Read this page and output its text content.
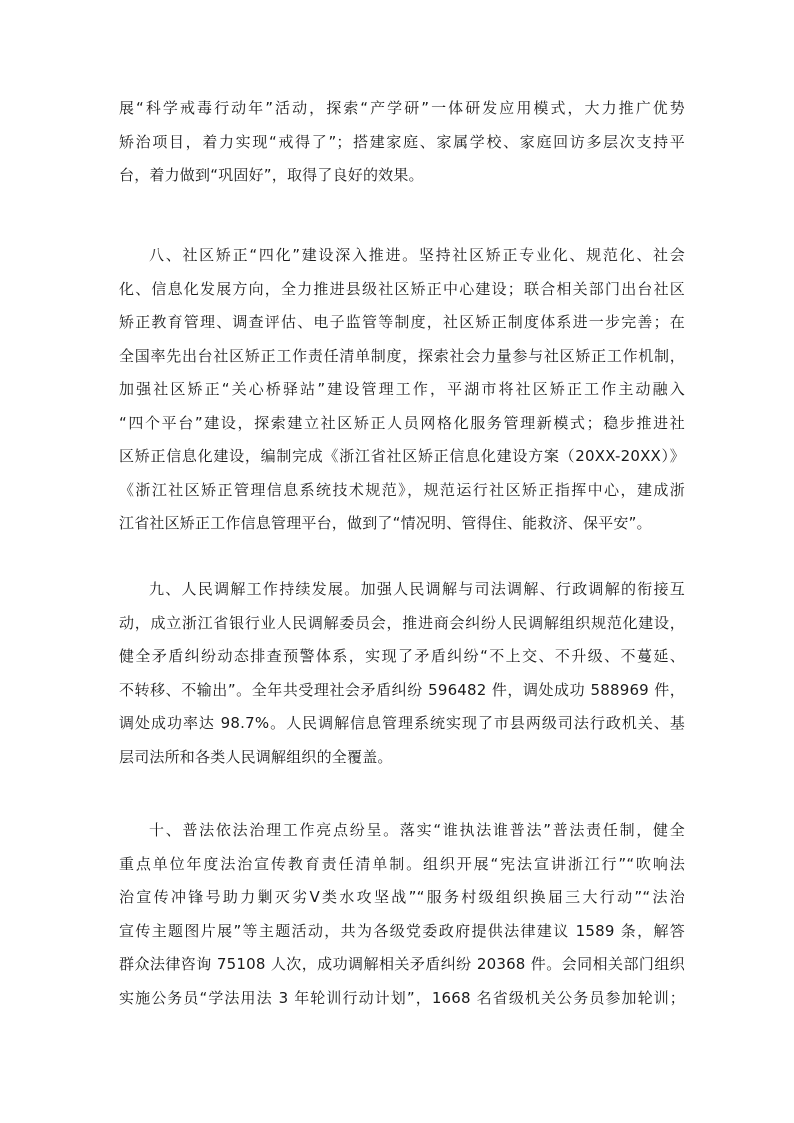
展“科学戒毒行动年”活动，探索“产学研”一体研发应用模式，大力推广优势
矫治项目，着力实现“戒得了”；搭建家庭、家属学校、家庭回访多层次支持平
台，着力做到“巩固好”，取得了良好的效果。
八、社区矫正“四化”建设深入推进。坚持社区矫正专业化、规范化、社会
化、信息化发展方向，全力推进县级社区矫正中心建设；联合相关部门出台社区
矫正教育管理、调查评估、电子监管等制度，社区矫正制度体系进一步完善；在
全国率先出台社区矫正工作责任清单制度，探索社会力量参与社区矫正工作机制，
加强社区矫正“关心桥驿站”建设管理工作，平湖市将社区矫正工作主动融入
“四个平台”建设，探索建立社区矫正人员网格化服务管理新模式；稳步推进社
区矫正信息化建设，编制完成《浙江省社区矫正信息化建设方案（20XX-20XX）》
《浙江社区矫正管理信息系统技术规范》，规范运行社区矫正指挥中心，建成浙
江省社区矫正工作信息管理平台，做到了“情况明、管得住、能救济、保平安”。
九、人民调解工作持续发展。加强人民调解与司法调解、行政调解的衔接互
动，成立浙江省银行业人民调解委员会，推进商会纠纷人民调解组织规范化建设，
健全矛盾纠纷动态排查预警体系，实现了矛盾纠纷“不上交、不升级、不蔓延、
不转移、不输出”。全年共受理社会矛盾纠纷 596482 件，调处成功 588969 件，
调处成功率达 98.7%。人民调解信息管理系统实现了市县两级司法行政机关、基
层司法所和各类人民调解组织的全覆盖。
十、普法依法治理工作亮点纷呈。落实“谁执法谁普法”普法责任制，健全
重点单位年度法治宣传教育责任清单制。组织开展“宪法宣讲浙江行”“吹响法
治宣传冲锋号助力剿灭劣Ⅴ类水攻坚战”“服务村级组织换届三大行动”“法治
宣传主题图片展”等主题活动，共为各级党委政府提供法律建议 1589 条，解答
群众法律咨询 75108 人次，成功调解相关矛盾纠纷 20368 件。会同相关部门组织
实施公务员“学法用法 3 年轮训行动计划”，1668 名省级机关公务员参加轮训；
